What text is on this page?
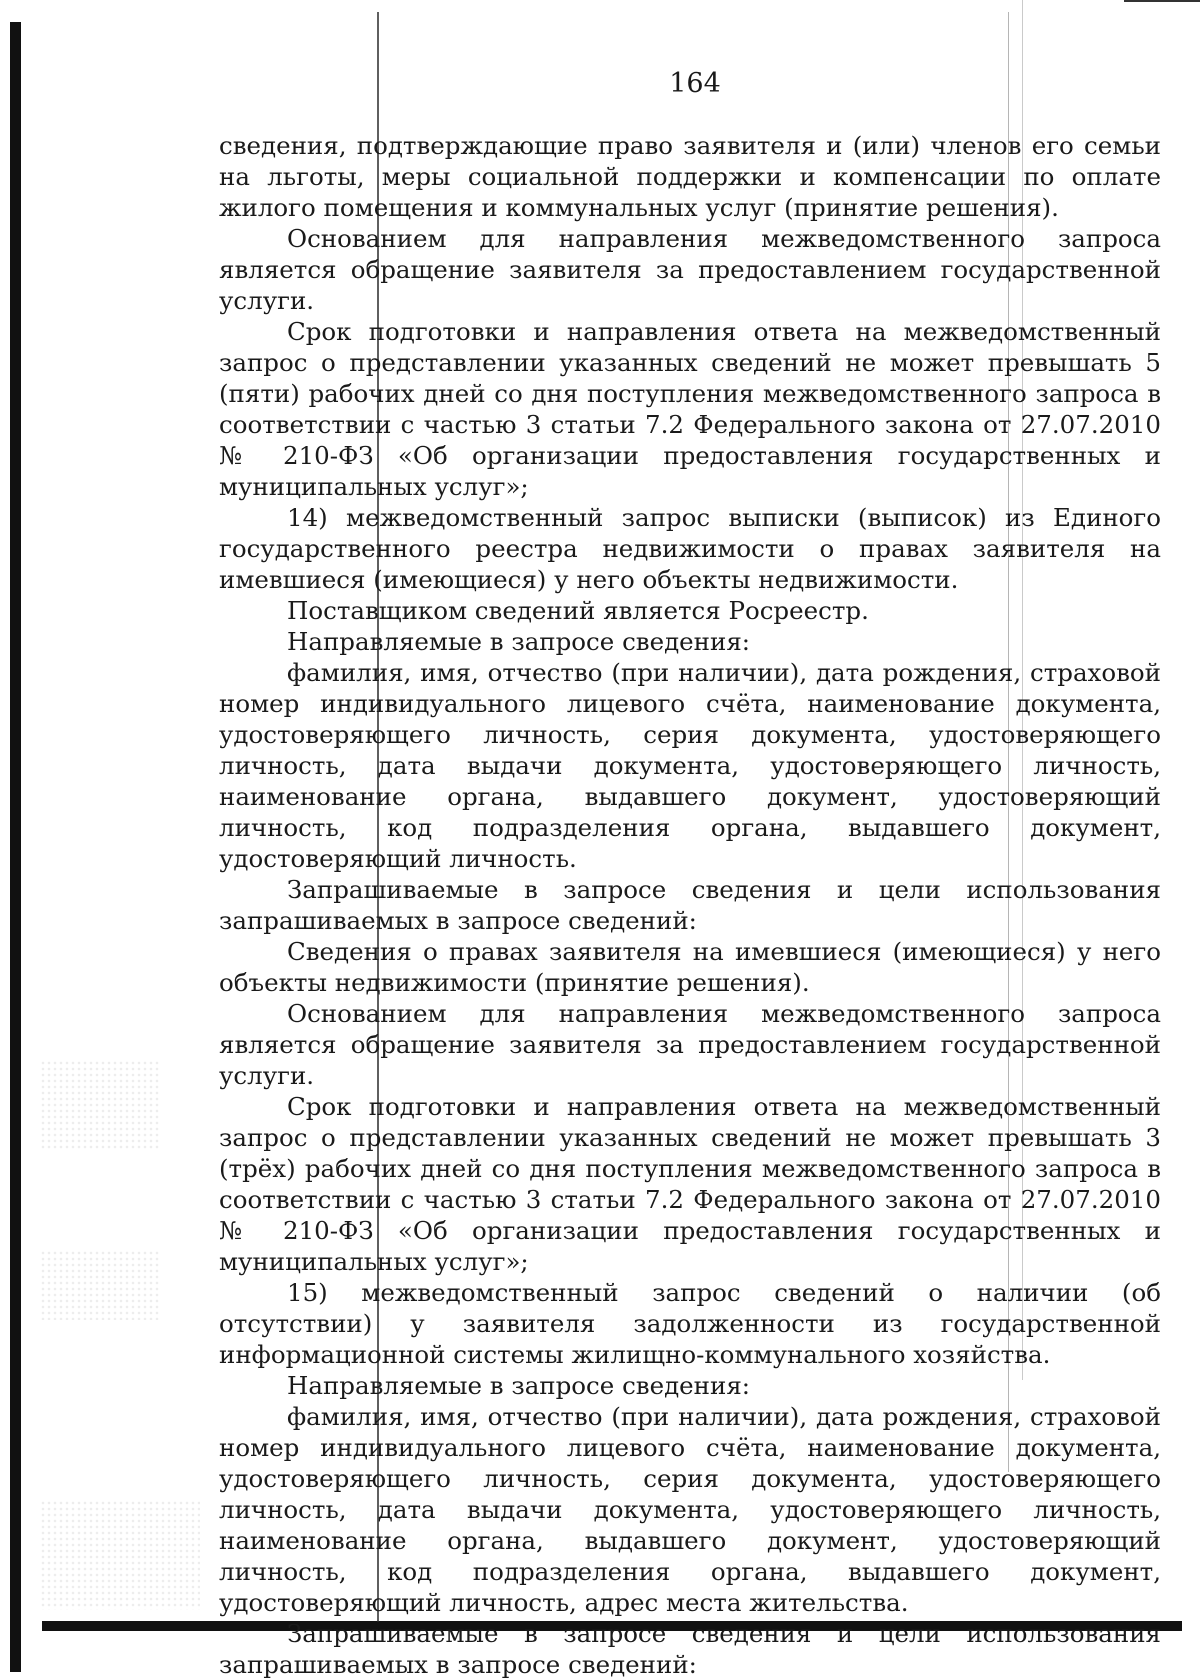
164

сведения, подтверждающие право заявителя и (или) членов его семьи на льготы, меры социальной поддержки и компенсации по оплате жилого помещения и коммунальных услуг (принятие решения).

Основанием для направления межведомственного запроса является обращение заявителя за предоставлением государственной услуги.

Срок подготовки и направления ответа на межведомственный запрос о представлении указанных сведений не может превышать 5 (пяти) рабочих дней со дня поступления межведомственного запроса в соответствии с частью 3 статьи 7.2 Федерального закона от 27.07.2010 № 210-ФЗ «Об организации предоставления государственных и муниципальных услуг»;

14) межведомственный запрос выписки (выписок) из Единого государственного реестра недвижимости о правах заявителя на имевшиеся (имеющиеся) у него объекты недвижимости.

Поставщиком сведений является Росреестр.

Направляемые в запросе сведения:

фамилия, имя, отчество (при наличии), дата рождения, страховой номер индивидуального лицевого счёта, наименование документа, удостоверяющего личность, серия документа, удостоверяющего личность, дата выдачи документа, удостоверяющего личность, наименование органа, выдавшего документ, удостоверяющий личность, код подразделения органа, выдавшего документ, удостоверяющий личность.

Запрашиваемые в запросе сведения и цели использования запрашиваемых в запросе сведений:

Сведения о правах заявителя на имевшиеся (имеющиеся) у него объекты недвижимости (принятие решения).

Основанием для направления межведомственного запроса является обращение заявителя за предоставлением государственной услуги.

Срок подготовки и направления ответа на межведомственный запрос о представлении указанных сведений не может превышать 3 (трёх) рабочих дней со дня поступления межведомственного запроса в соответствии с частью 3 статьи 7.2 Федерального закона от 27.07.2010 № 210-ФЗ «Об организации предоставления государственных и муниципальных услуг»;

15) межведомственный запрос сведений о наличии (об отсутствии) у заявителя задолженности из государственной информационной системы жилищно-коммунального хозяйства.

Направляемые в запросе сведения:

фамилия, имя, отчество (при наличии), дата рождения, страховой номер индивидуального лицевого счёта, наименование документа, удостоверяющего личность, серия документа, удостоверяющего личность, дата выдачи документа, удостоверяющего личность, наименование органа, выдавшего документ, удостоверяющий личность, код подразделения органа, выдавшего документ, удостоверяющий личность, адрес места жительства.

Запрашиваемые в запросе сведения и цели использования запрашиваемых в запросе сведений:
